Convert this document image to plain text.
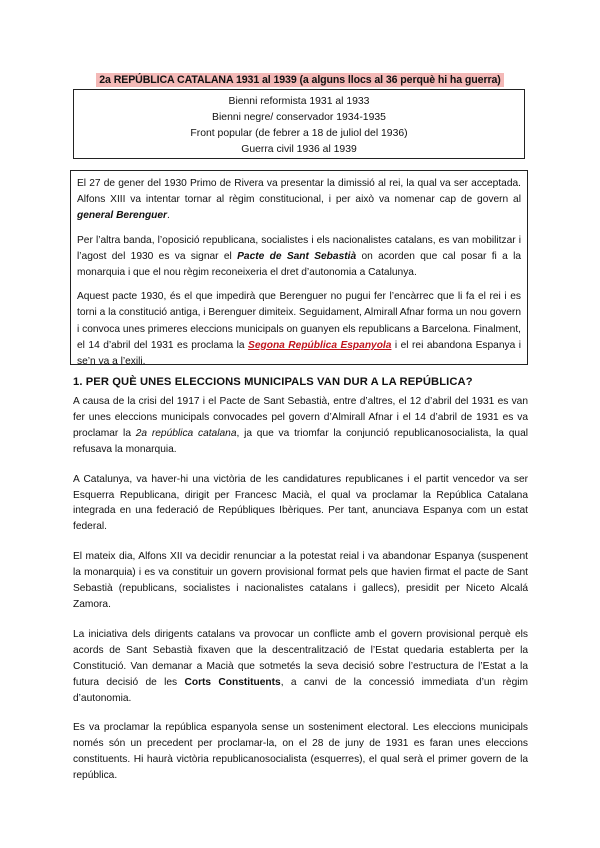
2a REPÚBLICA CATALANA 1931 al 1939 (a alguns llocs al 36 perquè hi ha guerra)
Bienni reformista 1931 al 1933
Bienni negre/ conservador 1934-1935
Front popular (de febrer a 18 de juliol del 1936)
Guerra civil 1936 al 1939

El 27 de gener del 1930 Primo de Rivera va presentar la dimissió al rei, la qual va ser acceptada. Alfons XIII va intentar tornar al règim constitucional, i per això va nomenar cap de govern al general Berenguer.

Per l’altra banda, l’oposició republicana, socialistes i els nacionalistes catalans, es van mobilitzar i l’agost del 1930 es va signar el Pacte de Sant Sebastià on acorden que cal posar fi a la monarquia i que el nou règim reconeixeria el dret d’autonomia a Catalunya.

Aquest pacte 1930, és el que impedirà que Berenguer no pugui fer l’encàrrec que li fa el rei i es torni a la constitució antiga, i Berenguer dimiteix. Seguidament, Almirall Afnar forma un nou govern i convoca unes primeres eleccions municipals on guanyen els republicans a Barcelona. Finalment, el 14 d’abril del 1931 es proclama la Segona República Espanyola i el rei abandona Espanya i se’n va a l’exili.

1. PER QUÈ UNES ELECCIONS MUNICIPALS VAN DUR A LA REPÚBLICA?

A causa de la crisi del 1917 i el Pacte de Sant Sebastià, entre d’altres, el 12 d’abril del 1931 es van fer unes eleccions municipals convocades pel govern d’Almirall Afnar i el 14 d’abril de 1931 es va proclamar la 2a república catalana, ja que va triomfar la conjunció republicanosocialista, la qual refusava la monarquia.

A Catalunya, va haver-hi una victòria de les candidatures republicanes i el partit vencedor va ser Esquerra Republicana, dirigit per Francesc Macià, el qual va proclamar la República Catalana integrada en una federació de Repúbliques Ibèriques. Per tant, anunciava Espanya com un estat federal.

El mateix dia, Alfons XII va decidir renunciar a la potestat reial i va abandonar Espanya (suspenent la monarquia) i es va constituir un govern provisional format pels que havien firmat el pacte de Sant Sebastià (republicans, socialistes i nacionalistes catalans i gallecs), presidit per Niceto Alcalá Zamora.

La iniciativa dels dirigents catalans va provocar un conflicte amb el govern provisional perquè els acords de Sant Sebastià fixaven que la descentralització de l’Estat quedaria establerta per la Constitució. Van demanar a Macià que sotmetés la seva decisió sobre l’estructura de l’Estat a la futura decisió de les Corts Constituents, a canvi de la concessió immediata d’un règim d’autonomia.

Es va proclamar la república espanyola sense un sosteniment electoral. Les eleccions municipals només són un precedent per proclamar-la, on el 28 de juny de 1931 es faran unes eleccions constituents. Hi haurà victòria republicanosocialista (esquerres), el qual serà el primer govern de la república.
